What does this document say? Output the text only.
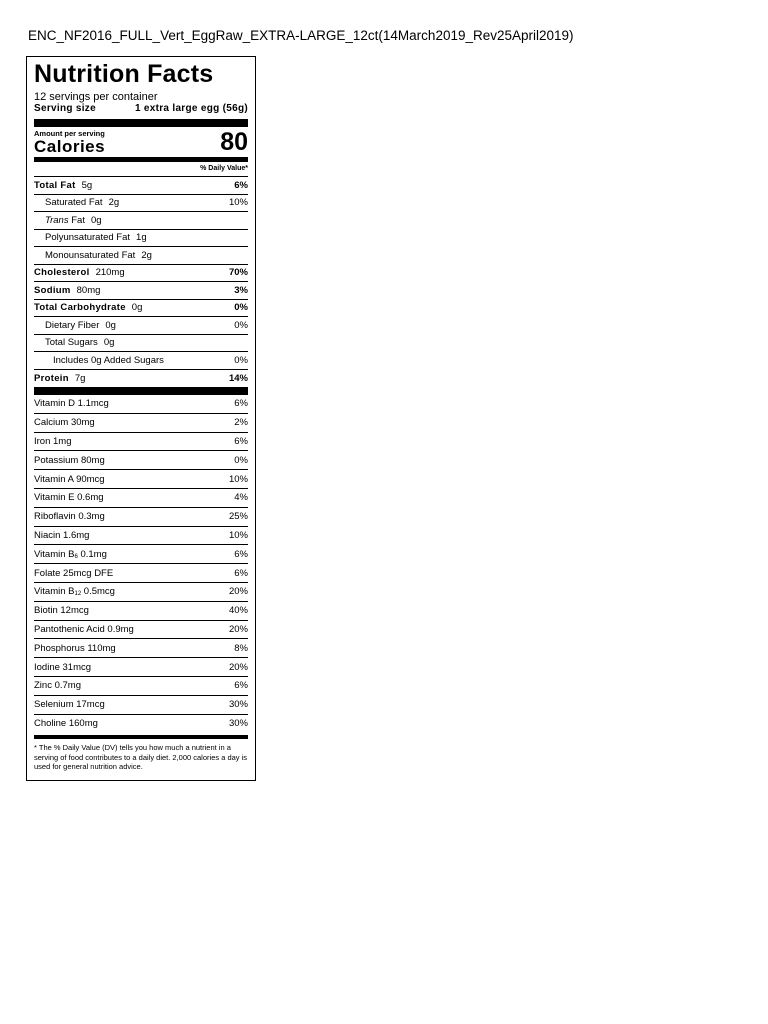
ENC_NF2016_FULL_Vert_EggRaw_EXTRA-LARGE_12ct(14March2019_Rev25April2019)
Nutrition Facts
12 servings per container
Serving size	1 extra large egg (56g)
Amount per serving
Calories	80
% Daily Value*
Total Fat 5g	6%
Saturated Fat 2g	10%
Trans Fat 0g
Polyunsaturated Fat 1g
Monounsaturated Fat 2g
Cholesterol 210mg	70%
Sodium 80mg	3%
Total Carbohydrate 0g	0%
Dietary Fiber 0g	0%
Total Sugars 0g
Includes 0g Added Sugars	0%
Protein 7g	14%
Vitamin D 1.1mcg	6%
Calcium 30mg	2%
Iron 1mg	6%
Potassium 80mg	0%
Vitamin A 90mcg	10%
Vitamin E 0.6mg	4%
Riboflavin 0.3mg	25%
Niacin 1.6mg	10%
Vitamin $B_6$ 0.1mg	6%
Folate 25mcg DFE	6%
Vitamin $B_{12}$ 0.5mcg	20%
Biotin 12mcg	40%
Pantothenic Acid 0.9mg	20%
Phosphorus 110mg	8%
Iodine 31mcg	20%
Zinc 0.7mg	6%
Selenium 17mcg	30%
Choline 160mg	30%
* The % Daily Value (DV) tells you how much a nutrient in a serving of food contributes to a daily diet. 2,000 calories a day is used for general nutrition advice.
